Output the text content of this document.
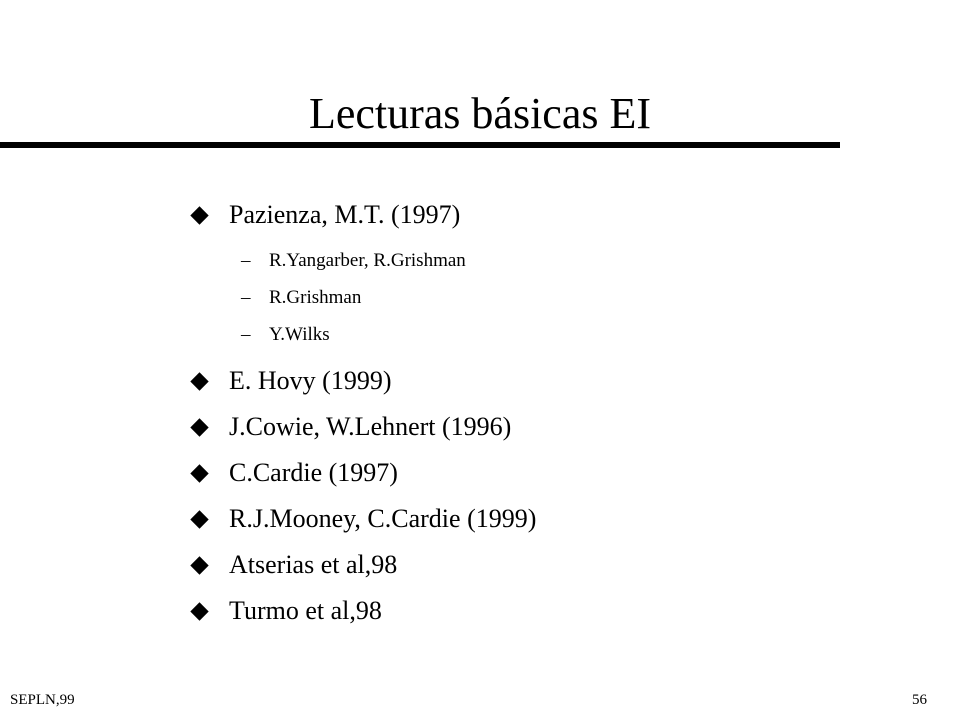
Lecturas básicas EI
Pazienza, M.T. (1997)
– R.Yangarber, R.Grishman
– R.Grishman
– Y.Wilks
E. Hovy (1999)
J.Cowie, W.Lehnert (1996)
C.Cardie (1997)
R.J.Mooney, C.Cardie (1999)
Atserias et al,98
Turmo et al,98
SEPLN,99	56
